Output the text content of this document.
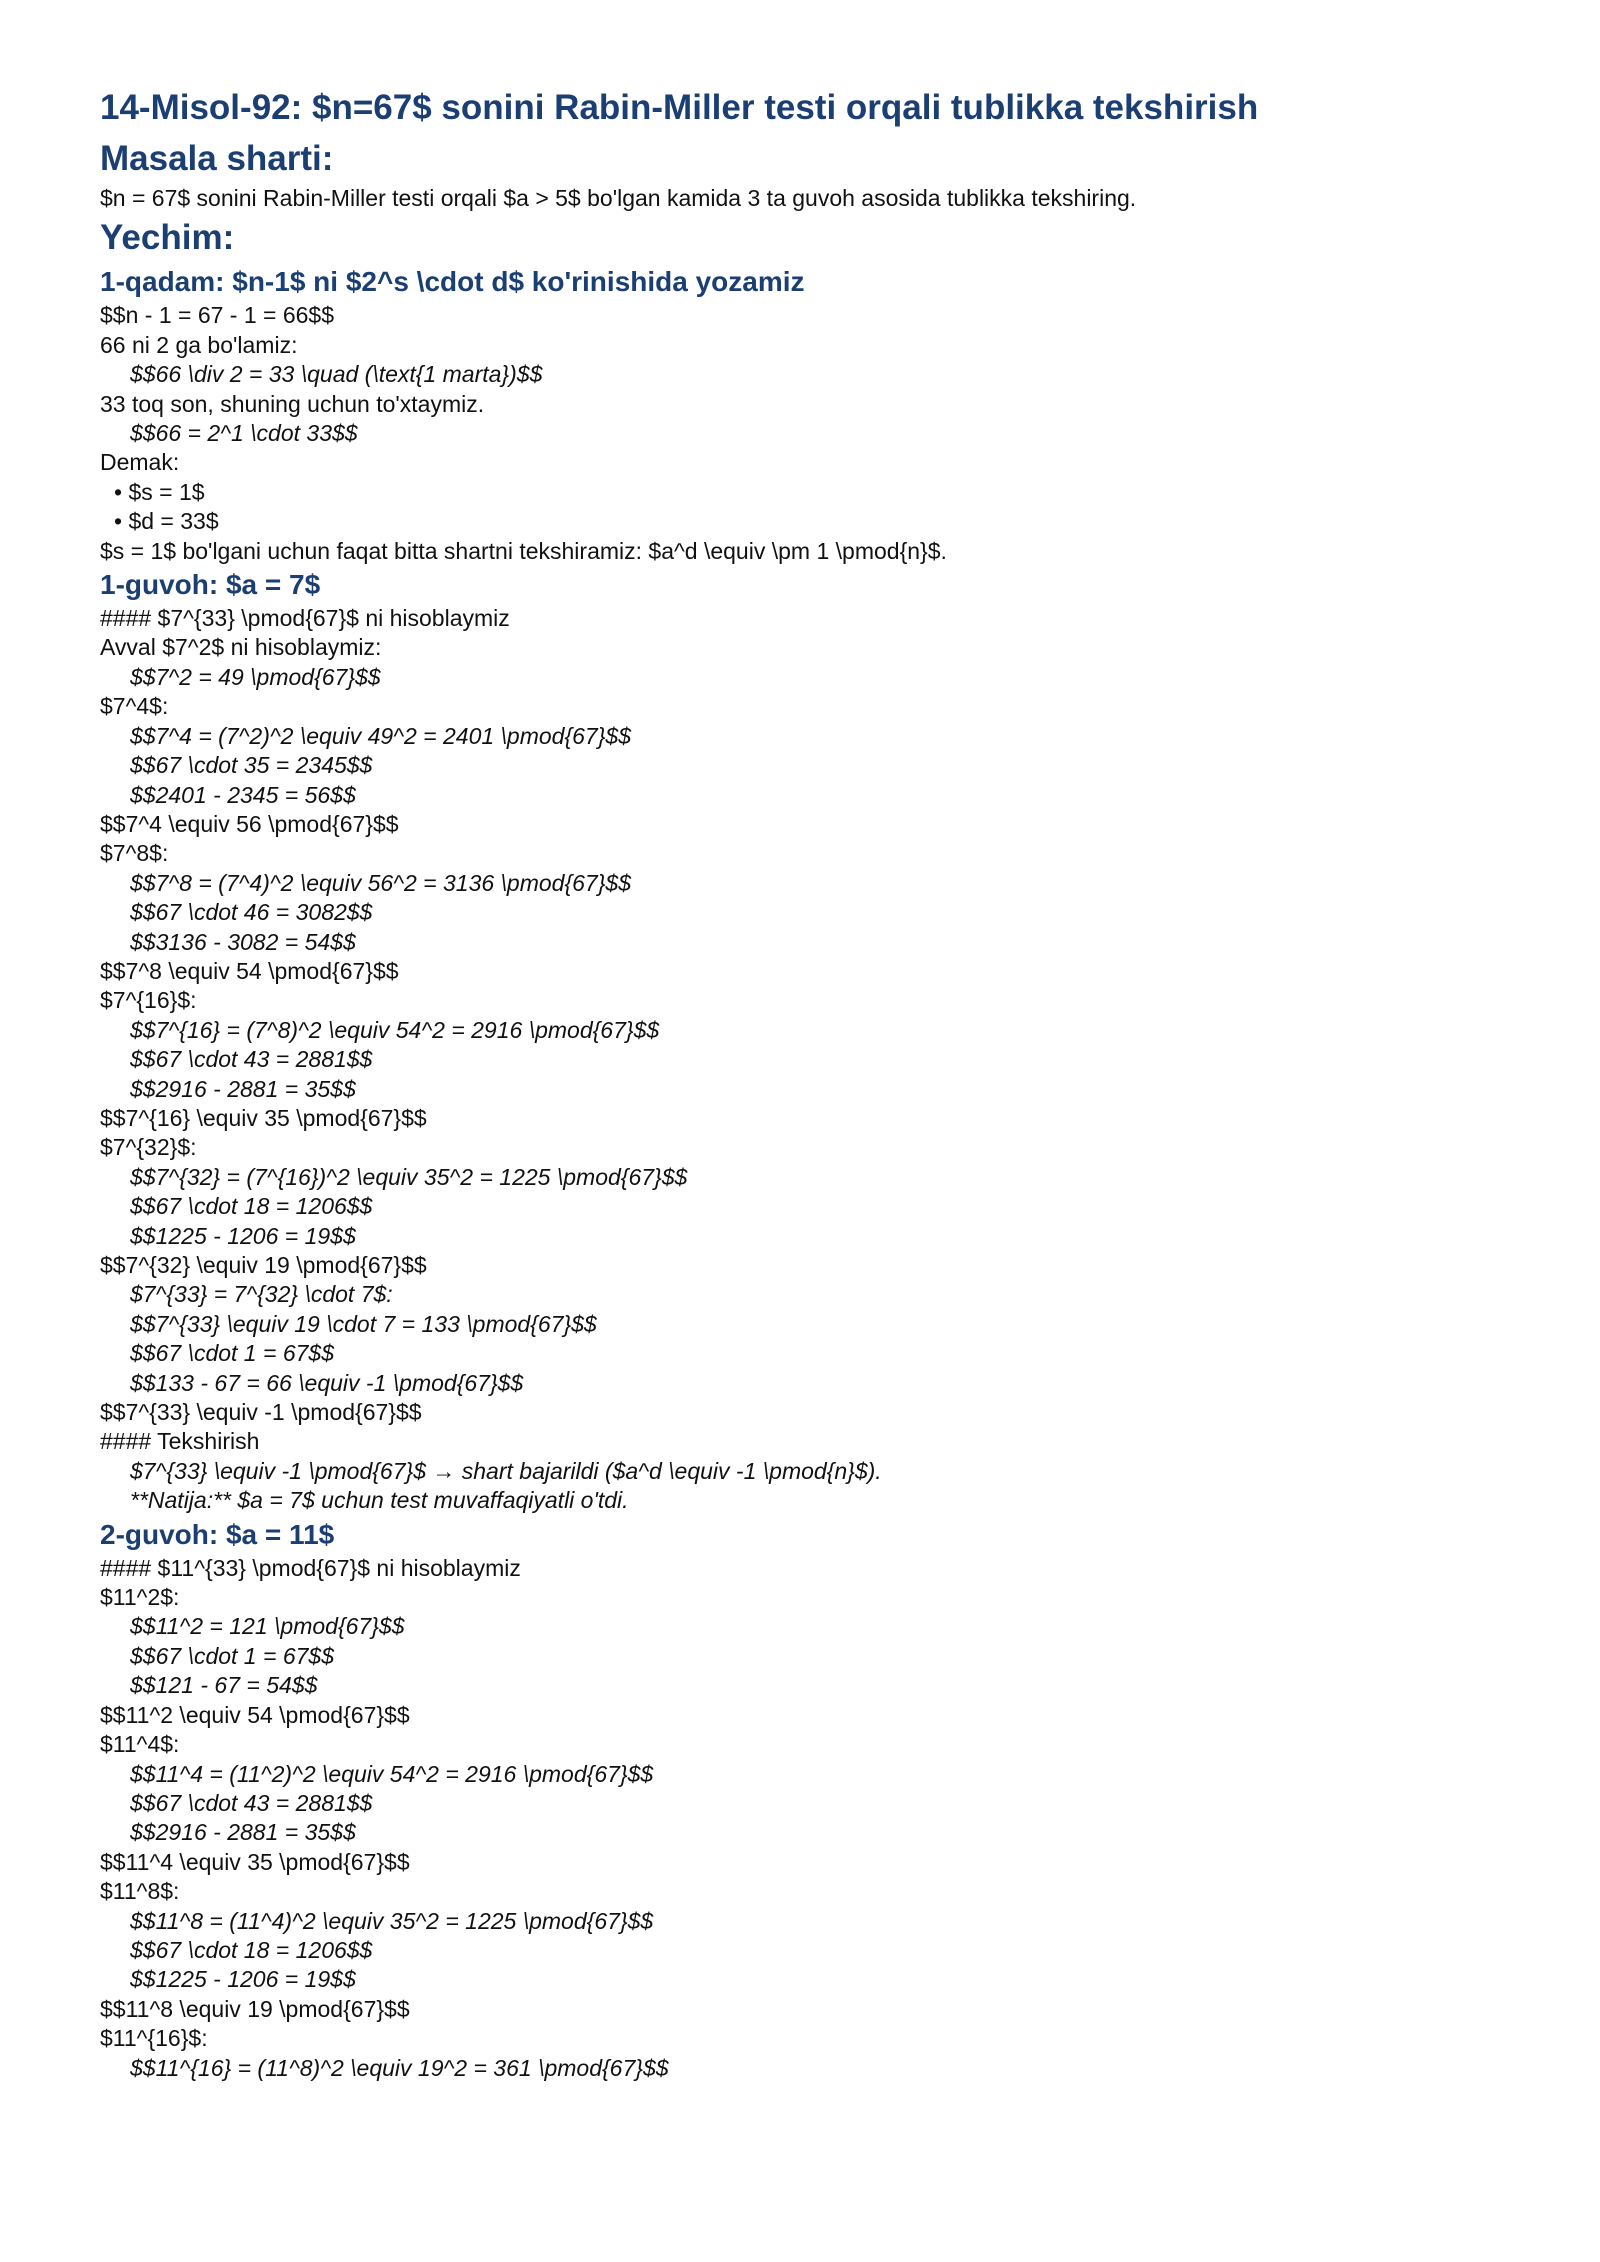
14-Misol-92: $n=67$ sonini Rabin-Miller testi orqali tublikka tekshirish
Masala sharti:
$n = 67$ sonini Rabin-Miller testi orqali $a > 5$ bo'lgan kamida 3 ta guvoh asosida tublikka tekshiring.
Yechim:
1-qadam: $n-1$ ni $2^s \cdot d$ ko'rinishida yozamiz
$$n - 1 = 67 - 1 = 66$$
66 ni 2 ga bo'lamiz:
$$66 \div 2 = 33 \quad (\text{1 marta})$$
33 toq son, shuning uchun to'xtaymiz.
$$66 = 2^1 \cdot 33$$
Demak:
• $s = 1$
• $d = 33$
$s = 1$ bo'lgani uchun faqat bitta shartni tekshiramiz: $a^d \equiv \pm 1 \pmod{n}$.
1-guvoh: $a = 7$
#### $7^{33} \pmod{67}$ ni hisoblaymiz
Avval $7^2$ ni hisoblaymiz:
$$7^2 = 49 \pmod{67}$$
$7^4$:
$$7^4 = (7^2)^2 \equiv 49^2 = 2401 \pmod{67}$$
$$67 \cdot 35 = 2345$$
$$2401 - 2345 = 56$$
$$7^4 \equiv 56 \pmod{67}$$
$7^8$:
$$7^8 = (7^4)^2 \equiv 56^2 = 3136 \pmod{67}$$
$$67 \cdot 46 = 3082$$
$$3136 - 3082 = 54$$
$$7^8 \equiv 54 \pmod{67}$$
$7^{16}$:
$$7^{16} = (7^8)^2 \equiv 54^2 = 2916 \pmod{67}$$
$$67 \cdot 43 = 2881$$
$$2916 - 2881 = 35$$
$$7^{16} \equiv 35 \pmod{67}$$
$7^{32}$:
$$7^{32} = (7^{16})^2 \equiv 35^2 = 1225 \pmod{67}$$
$$67 \cdot 18 = 1206$$
$$1225 - 1206 = 19$$
$$7^{32} \equiv 19 \pmod{67}$$
$7^{33} = 7^{32} \cdot 7$:
$$7^{33} \equiv 19 \cdot 7 = 133 \pmod{67}$$
$$67 \cdot 1 = 67$$
$$133 - 67 = 66 \equiv -1 \pmod{67}$$
$$7^{33} \equiv -1 \pmod{67}$$
#### Tekshirish
$7^{33} \equiv -1 \pmod{67}$ → shart bajarildi ($a^d \equiv -1 \pmod{n}$).
**Natija:** $a = 7$ uchun test muvaffaqiyatli o'tdi.
2-guvoh: $a = 11$
#### $11^{33} \pmod{67}$ ni hisoblaymiz
$11^2$:
$$11^2 = 121 \pmod{67}$$
$$67 \cdot 1 = 67$$
$$121 - 67 = 54$$
$$11^2 \equiv 54 \pmod{67}$$
$11^4$:
$$11^4 = (11^2)^2 \equiv 54^2 = 2916 \pmod{67}$$
$$67 \cdot 43 = 2881$$
$$2916 - 2881 = 35$$
$$11^4 \equiv 35 \pmod{67}$$
$11^8$:
$$11^8 = (11^4)^2 \equiv 35^2 = 1225 \pmod{67}$$
$$67 \cdot 18 = 1206$$
$$1225 - 1206 = 19$$
$$11^8 \equiv 19 \pmod{67}$$
$11^{16}$:
$$11^{16} = (11^8)^2 \equiv 19^2 = 361 \pmod{67}$$
